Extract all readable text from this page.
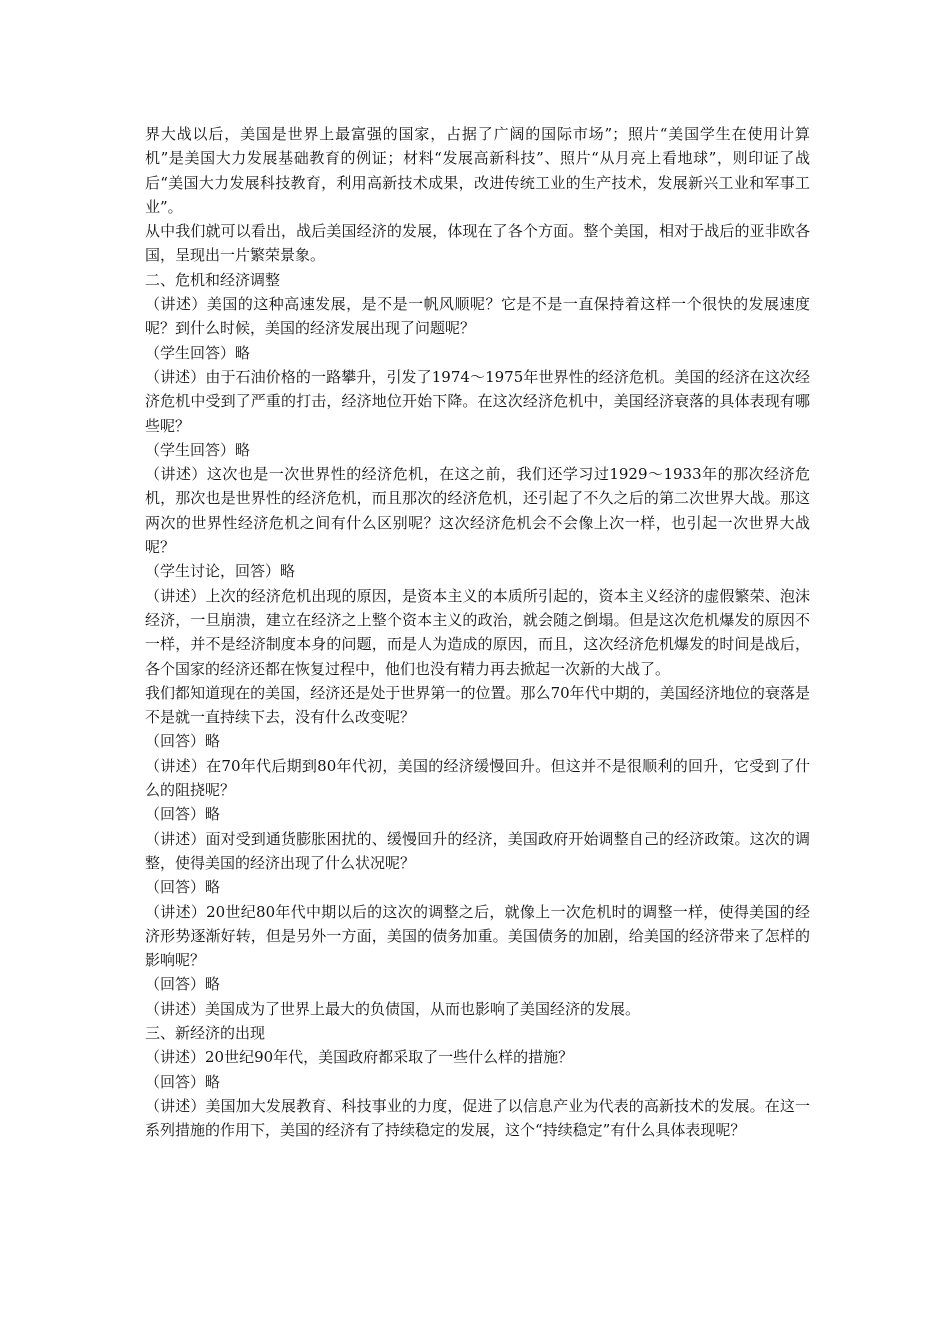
界大战以后，美国是世界上最富强的国家，占据了广阔的国际市场”；照片“美国学生在使用计算机”是美国大力发展基础教育的例证；材料“发展高新科技”、照片“从月亮上看地球”，则印证了战后“美国大力发展科技教育，利用高新技术成果，改进传统工业的生产技术，发展新兴工业和军事工业”。

从中我们就可以看出，战后美国经济的发展，体现在了各个方面。整个美国，相对于战后的亚非欧各国，呈现出一片繁荣景象。

二、危机和经济调整

（讲述）美国的这种高速发展，是不是一帆风顺呢？它是不是一直保持着这样一个很快的发展速度呢？到什么时候，美国的经济发展出现了问题呢？

（学生回答）略

（讲述）由于石油价格的一路攀升，引发了1974～1975年世界性的经济危机。美国的经济在这次经济危机中受到了严重的打击，经济地位开始下降。在这次经济危机中，美国经济衰落的具体表现有哪些呢？

（学生回答）略

（讲述）这次也是一次世界性的经济危机，在这之前，我们还学习过1929～1933年的那次经济危机，那次也是世界性的经济危机，而且那次的经济危机，还引起了不久之后的第二次世界大战。那这两次的世界性经济危机之间有什么区别呢？这次经济危机会不会像上次一样，也引起一次世界大战呢？

（学生讨论，回答）略

（讲述）上次的经济危机出现的原因，是资本主义的本质所引起的，资本主义经济的虚假繁荣、泡沫经济，一旦崩溃，建立在经济之上整个资本主义的政治，就会随之倒塌。但是这次危机爆发的原因不一样，并不是经济制度本身的问题，而是人为造成的原因，而且，这次经济危机爆发的时间是战后，各个国家的经济还都在恢复过程中，他们也没有精力再去掀起一次新的大战了。

我们都知道现在的美国，经济还是处于世界第一的位置。那么70年代中期的，美国经济地位的衰落是不是就一直持续下去，没有什么改变呢？

（回答）略

（讲述）在70年代后期到80年代初，美国的经济缓慢回升。但这并不是很顺利的回升，它受到了什么的阻挠呢？

（回答）略

（讲述）面对受到通货膨胀困扰的、缓慢回升的经济，美国政府开始调整自己的经济政策。这次的调整，使得美国的经济出现了什么状况呢？

（回答）略

（讲述）20世纪80年代中期以后的这次的调整之后，就像上一次危机时的调整一样，使得美国的经济形势逐渐好转，但是另外一方面，美国的债务加重。美国债务的加剧，给美国的经济带来了怎样的影响呢？

（回答）略

（讲述）美国成为了世界上最大的负债国，从而也影响了美国经济的发展。

三、新经济的出现

（讲述）20世纪90年代，美国政府都采取了一些什么样的措施？

（回答）略

（讲述）美国加大发展教育、科技事业的力度，促进了以信息产业为代表的高新技术的发展。在这一系列措施的作用下，美国的经济有了持续稳定的发展，这个“持续稳定”有什么具体表现呢？
